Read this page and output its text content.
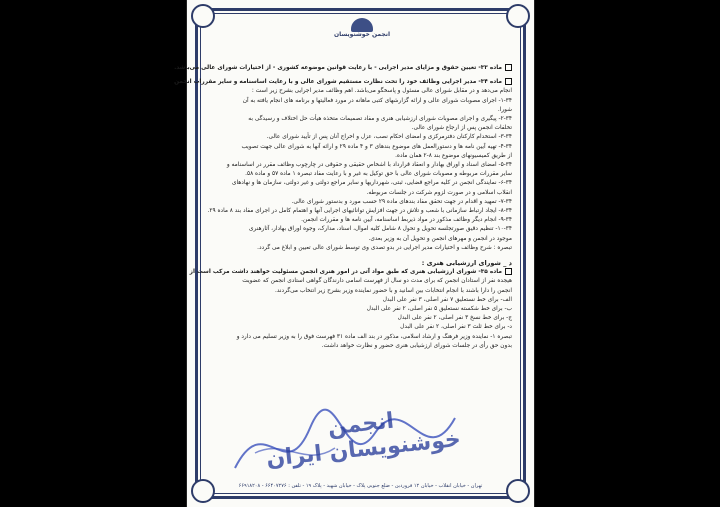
انجمن خوشنویسان
ماده ۳۳- تعیین حقوق و مزایای مدیر اجرایی - با رعایت قوانین موضوعه کشوری - از اختیارات شورای عالی می‌باشد.
ماده ۳۴- مدیر اجرایی وظائف خود را تحت نظارت مستقیم شورای عالی و با رعایت اساسنامه و سایر مقررات انجمن
انجام می‌دهد و در مقابل شورای عالی مسئول و پاسخگو می‌باشد. اهم وظائف مدیر اجرایی بشرح زیر است :
۱-۳۴- اجرای مصوبات شورای عالی و ارائه گزارشهای کتبی ماهانه در مورد فعالیتها و برنامه های انجام یافته به آن
شورا.
۲-۳۴- پیگیری و اجرای مصوبات شورای ارزشیابی هنری و مفاد تصمیمات متخذه هیأت حل اختلاف و رسیدگی به
تخلفات انجمن پس از ارجاع شورای عالی.
۳-۳۴- استخدام کارکنان دفترمرکزی و امضای احکام نصب، عزل و اخراج آنان پس از تأیید شورای عالی.
۴-۳۴- تهیه آیین نامه ها و دستورالعمل های موضوع بندهای ۳ و ۴ ماده ۲۹ و ارائه آنها به شورای عالی جهت تصویب
از طریق کمیسیونهای موضوع بند ۸-۲ همان ماده.
۵-۳۴- امضای اسناد و اوراق بهادار و انعقاد قرارداد با اشخاص حقیقی و حقوقی در چارچوب وظائف مقرر در اساسنامه و
سایر مقررات مربوطه و مصوبات شورای عالی با حق توکیل به غیر و با رعایت مفاد تبصره ۱ ماده ۵۷ و ماده ۵۸.
۶-۳۴- نمایندگی انجمن در کلیه مراجع قضایی، ثبتی، شهرداریها و سایر مراجع دولتی و غیر دولتی، سازمان ها و نهادهای
انقلاب اسلامی و در صورت لزوم شرکت در جلسات مربوطه.
۷-۳۴- تمهید و اقدام در جهت تحقق مفاد بندهای ماده ۲۹ حسب مورد و بدستور شورای عالی.
۸-۳۴- ایجاد ارتباط سازمانی با شعب و تلاش در جهت افزایش توانائیهای اجرایی آنها و اهتمام کامل در اجرای مفاد بند ۸ ماده ۲۹.
۹-۳۴- انجام دیگر وظائف مذکور در مواد ذیربط اساسنامه، آیین نامه ها و مقررات انجمن.
۱۰-۳۴- تنظیم دقیق صورتجلسه تحویل و تحول ۸ شامل کلیه اموال، اسناد، مدارک، وجوه اوراق بهادار، آثارهنری
موجود در انجمن و مهرهای انجمن و تحویل آن به وزیر بعدی.
تبصره : شرح وظائف و اختیارات مدیر اجرایی در بدو تصدی وی توسط شورای عالی تعیین و ابلاغ می گردد.
د _ شورای ارزشیابی هنری :
ماده ۳۵- شورای ارزشیابی هنری که طبق مواد آتی در امور هنری انجمن مسئولیت خواهند داشت مرکب است از
هیجده نفر از استادان انجمن که برای مدت دو سال از فهرست اسامی دارندگان گواهی استادی انجمن که عضویت
انجمن را دارا باشند با انجام انتخابات بین اسانید و با حضور نماینده وزیر بشرح زیر انتخاب می‌گردند.
الف- برای خط نستعلیق ۷ نفر اصلی، ۳ نفر علی البدل
ب- برای خط شکسته نستعلیق ۵ نفر اصلی، ۲ نفر علی البدل
ج- برای خط نسخ ۳ نفر اصلی، ۲ نفر علی البدل
د- برای خط ثلث ۳ نفر اصلی، ۲ نفر علی البدل
تبصره ۱- نماینده وزیر فرهنگ و ارشاد اسلامی، مذکور در بند الف ماده ۳۱ فهرست فوق را به وزیر تسلیم می دارد و
بدون حق رأی در جلسات شورای ارزشیابی هنری حضور و نظارت خواهد داشت.
انجمن خوشنویسان ایران
تهران - خیابان انقلاب - خیابان ۱۲ فروردین - ضلع جنوبی پلاک - خیابان شهید - پلاک ۱۹ - تلفن : ۶۶۴۰۷۲۷۶ - ۶۶۹۱۸۲۰۸
